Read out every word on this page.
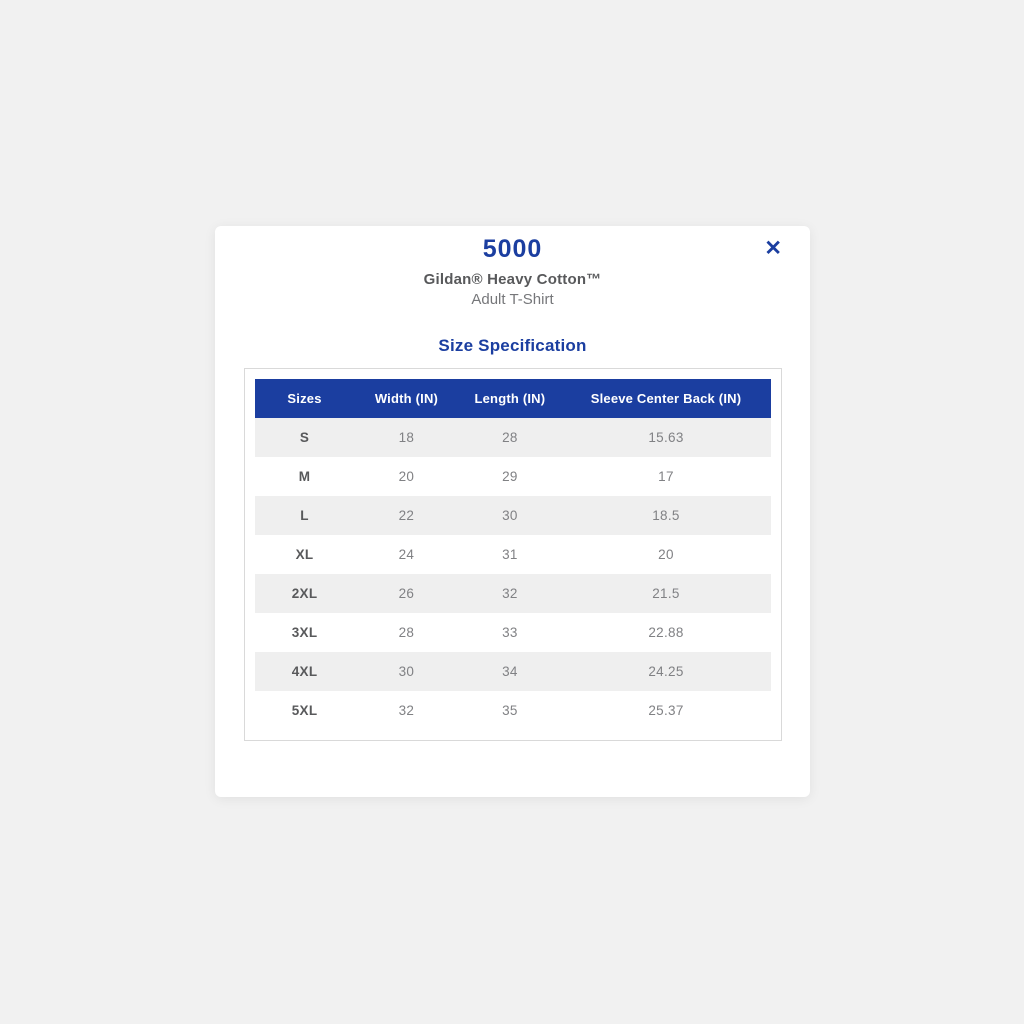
✕
5000
Gildan® Heavy Cotton™
Adult T-Shirt
Size Specification
Sizes	Width (IN)	Length (IN)	Sleeve Center Back (IN)
S	18	28	15.63
M	20	29	17
L	22	30	18.5
XL	24	31	20
2XL	26	32	21.5
3XL	28	33	22.88
4XL	30	34	24.25
5XL	32	35	25.37
